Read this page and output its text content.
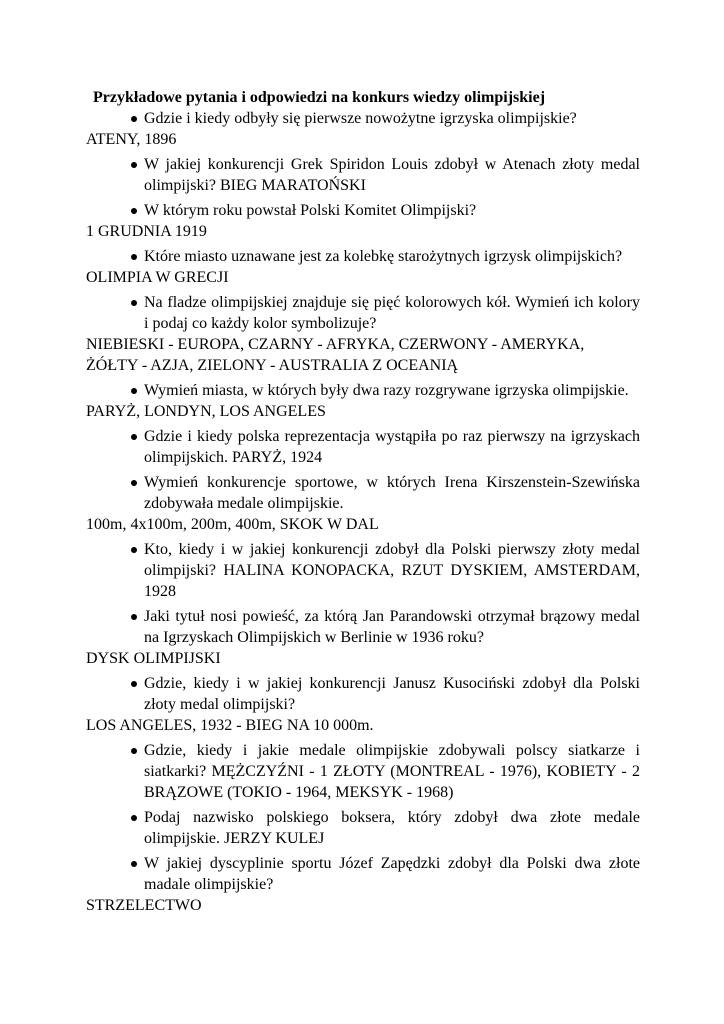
Przykładowe pytania i odpowiedzi na konkurs wiedzy olimpijskiej

Gdzie i kiedy odbyły się pierwsze nowożytne igrzyska olimpijskie?

ATENY, 1896

W jakiej konkurencji Grek Spiridon Louis zdobył w Atenach złoty medal olimpijski? BIEG MARATOŃSKI
W którym roku powstał Polski Komitet Olimpijski?

1 GRUDNIA 1919

Które miasto uznawane jest za kolebkę starożytnych igrzysk olimpijskich?

OLIMPIA W GRECJI

Na fladze olimpijskiej znajduje się pięć kolorowych kół. Wymień ich kolory i podaj co każdy kolor symbolizuje?

NIEBIESKI - EUROPA, CZARNY - AFRYKA, CZERWONY - AMERYKA,

ŻÓŁTY - AZJA, ZIELONY - AUSTRALIA Z OCEANIĄ

Wymień miasta, w których były dwa razy rozgrywane igrzyska olimpijskie.

PARYŻ, LONDYN, LOS ANGELES

Gdzie i kiedy polska reprezentacja wystąpiła po raz pierwszy na igrzyskach olimpijskich. PARYŻ, 1924
Wymień konkurencje sportowe, w których Irena Kirszenstein-Szewińska zdobywała medale olimpijskie.

100m, 4x100m, 200m, 400m, SKOK W DAL

Kto, kiedy i w jakiej konkurencji zdobył dla Polski pierwszy złoty medal olimpijski? HALINA KONOPACKA, RZUT DYSKIEM, AMSTERDAM, 1928
Jaki tytuł nosi powieść, za którą Jan Parandowski otrzymał brązowy medal na Igrzyskach Olimpijskich w Berlinie w 1936 roku?

DYSK OLIMPIJSKI

Gdzie, kiedy i w jakiej konkurencji Janusz Kusociński zdobył dla Polski złoty medal olimpijski?

LOS ANGELES, 1932 - BIEG NA 10 000m.

Gdzie, kiedy i jakie medale olimpijskie zdobywali polscy siatkarze i siatkarki? MĘŻCZYŹNI - 1 ZŁOTY (MONTREAL - 1976), KOBIETY - 2 BRĄZOWE (TOKIO - 1964, MEKSYK - 1968)
Podaj nazwisko polskiego boksera, który zdobył dwa złote medale olimpijskie. JERZY KULEJ
W jakiej dyscyplinie sportu Józef Zapędzki zdobył dla Polski dwa złote madale olimpijskie?

STRZELECTWO
